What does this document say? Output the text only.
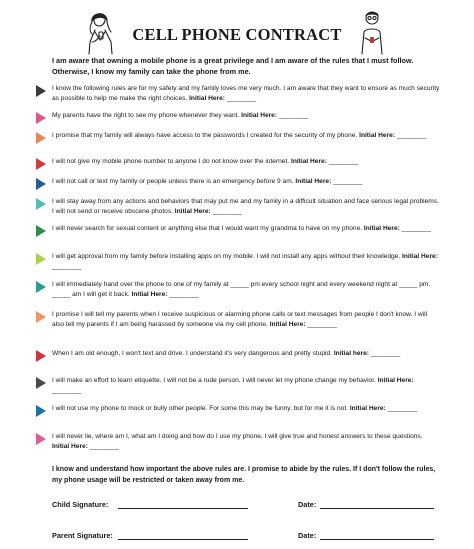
CELL PHONE CONTRACT
I am aware that owning a mobile phone is a great privilege and I am aware of the rules that I must follow. Otherwise, I know my family can take the phone from me.
I know the following rules are for my safety and my family loves me very much. I am aware that they want to ensure as much security as possible to help me make the right choices. Initial Here: ________
My parents have the right to see my phone whenever they want. Initial Here: ________
I promise that my family will always have access to the passwords I created for the security of my phone. Initial Here: ________
I will not give my mobile phone number to anyone I do not know over the internet. Initial Here: ________
I will not call or text my family or people unless there is an emergency before 9 am. Initial Here: ________
I will stay away from any actions and behaviors that may put me and my family in a difficult situation and face serious legal problems. I will not send or receive obscene photos. Initial Here: ________
I will never search for sexual content or anything else that I would want my grandma to have on my phone. Initial Here: ________
I will get approval from my family before installing apps on my mobile. I will not install any apps without their knowledge. Initial Here: ________
I will immediately hand over the phone to one of my family at _____ pm every school night and every weekend night at _____ pm. _____ am I will get it back. Initial Here: ________
I promise I will tell my parents when I receive suspicious or alarming phone calls or text messages from people I don't know. I will also tell my parents if I am being harassed by someone via my cell phone. Initial Here: ________
When I am old enough, I won't text and drive. I understand it's very dangerous and pretty stupid. Initial here: ________
I will make an effort to learn etiquette. I will not be a rude person. I will never let my phone change my behavior. Initial Here: ________
I will not use my phone to mock or bully other people. For some this may be funny, but for me it is not. Initial Here: ________
I will never lie, where am I, what am I doing and how do I use my phone, I will give true and honest answers to these questions. Initial Here: ________
I know and understand how important the above rules are. I promise to abide by the rules. If I don't follow the rules, my phone usage will be restricted or taken away from me.
Child Signature:	Date:
Parent Signature:	Date:
